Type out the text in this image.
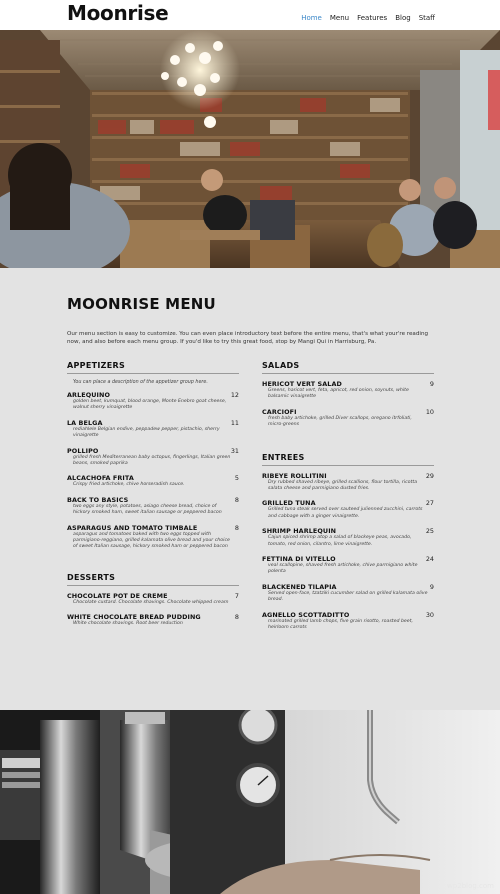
Moonrise	Home Menu Features Blog Staff
MOONRISE MENU

Our menu section is easy to customize. You can even place introductory text before the entire menu, that's what your're reading now, and also before each menu group. If you'd like to try this great food, stop by Mangi Qui in Harrisburg, Pa.

APPETIZERS
You can place a description of the appetizer group here.
ARLEQUINO	12
golden beet, kumquat, blood orange, Monte Enebro goat cheese, walnut sherry vinaigrette
LA BELGA	11
rediahlele Belgian endive, peppadew pepper, pistachio, sherry vinaigrette
POLLIPO	31
grilled fresh Mediterranean baby octopus, fingerlings, Italian green beans, smoked paprika
ALCACHOFA FRITA	5
Crispy fried artichoke, chive horseradish sauce.
BACK TO BASICS	8
two eggs any style, potatoes, asiago cheese bread, choice of hickory smoked ham, sweet italian sausage or peppered bacon
ASPARAGUS AND TOMATO TIMBALE	8
asparagus and tomatoes baked with two eggs topped with parmigiano-reggiano, grilled kalamata olive bread and your choice of sweet Italian sausage, hickory smoked ham or peppered bacon
DESSERTS
CHOCOLATE POT DE CREME	7
Chocolate custard. Chocolate shavings. Chocolate whipped cream
WHITE CHOCOLATE BREAD PUDDING	8
White chocolate shavings. Root beer reduction
SALADS
HERICOT VERT SALAD	9
Greens, haricot vert, feta, apricot, red onion, soynuts, white balsamic vinaigrette
CARCIOFI	10
fresh baby artichoke, grilled Diver scallops, oregano itrfoliati, micro-greens
ENTREES
RIBEYE ROLLITINI	29
Dry rubbed shaved ribeye, grilled scallions, flour tortilla, ricotta salata cheese and parmigiano dusted fries.
GRILLED TUNA	27
Grilled tuna steak served over sauteed julienned zucchini, carrots and cabbage with a ginger vinaigrette.
SHRIMP HARLEQUIN	25
Cajun spiced shrimp atop a salad of blackeye peas, avocado, tomato, red onion, cilantro, lime vinaigrette.
FETTINA DI VITELLO	24
veal scallopine, shaved fresh artichoke, chive parmigiano white polenta
BLACKENED TILAPIA	9
Served open-face, tzatziki cucumber salad on grilled kalamata olive bread.
AGNELLO SCOTTADITTO	30
marinated grilled lamb chops, five grain risotto, roasted beet, heirloom carrots
wp2blog.com
